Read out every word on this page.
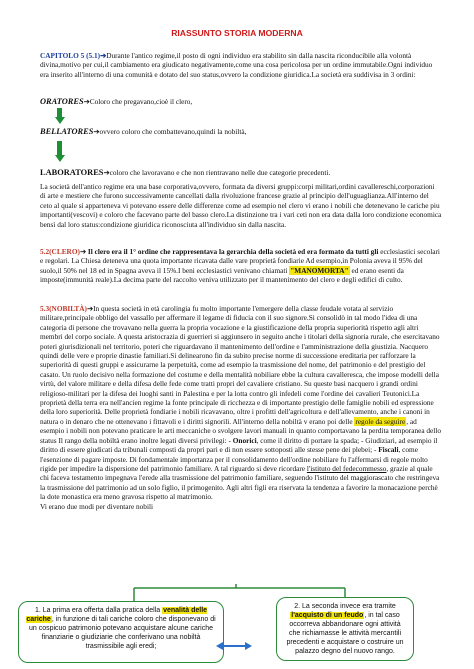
RIASSUNTO STORIA MODERNA

CAPITOLO 5 (5.1)➔Durante l'antico regime,il posto di ogni individuo era stabilito sin dalla nascita riconducibile alla volontà divina,motivo per cui,il cambiamento era giudicato negativamente,come una cosa pericolosa per un ordine immutabile.Ogni individuo era inserito all'interno di una comunità e dotato del suo status,ovvero la condizione giuridica.La società era suddivisa in 3 ordini:

ORATORES➔Coloro che pregavano,cioè il clero,

BELLATORES➔ovvero coloro che combattevano,quindi la nobiltà,

LABORATORES➔coloro che lavoravano e che non rientravano nelle due categorie precedenti.

La società dell'antico regime era una base corporativa,ovvero, formata da diversi gruppi:corpi militari,ordini cavallereschi,corporazioni di arte e mestiere che furono successivamente cancellati dalla rivoluzione francese grazie al principio dell'uguaglianza.All'interno del ceto al quale si apparteneva vi potevano essere delle differenze come ad esempio nel clero vi erano i nobili che detenevano le cariche piu importanti(vescovi) e coloro che facevano parte del basso clero.La distinzione tra i vari ceti non era data dalla loro condizione economica bensì dal loro status:condizione giuridica riconosciuta all'individuo sin dalla nascita.

5.2(CLERO)➔ Il clero era il 1° ordine che rappresentava la gerarchia della società ed era formato da tutti gli ecclesiastici secolari e regolari. La Chiesa deteneva una quota importante ricavata dalle vare proprietà fondiarie Ad esempio,in Polonia aveva il 95% del suolo,il 50% nel 18 ed in Spagna aveva il 15%.I beni ecclesiastici venivano chiamati "MANOMORTA" ed erano esenti da imposte(immunità reale).La decima parte del raccolto veniva utilizzato per il mantenimento del clero e degli edifici di culto.

5.3(NOBILTÀ)➔In questa società in età carolingia fu molto importante l'emergere della classe feudale votata al servizio militare,principale obbligo del vassallo per affermare il legame di fiducia con il suo signore.Si consolidò in tal modo l'idea di una categoria di persone che trovavano nella guerra la propria vocazione e la giustificazione della propria superiorità rispetto agli altri membri del corpo sociale. A questa aristocrazia di guerrieri si aggiunsero in seguito anche i titolari della signoria rurale, che esercitavano poteri giurisdizionali nel territorio, poteri che riguardavano il mantenimento dell'ordine e l'amministrazione della giustizia. Nacquero quindi delle vere e proprie dinastie familiari.Si delinearono fin da subito precise norme di successione ereditaria per rafforzare la superiorità di questi gruppi e assicurarne la perpetuità, come ad esempio la trasmissione del nome, del patrimonio e del prestigio del casato. Un ruolo decisivo nella formazione del costume e della mentalità nobiliare ebbe la cultura cavalleresca, che impose modelli della virtù, del valore militare e della difesa delle fede come tratti propri del cavaliere cristiano. Su queste basi nacquero i grandi ordini religioso-militari per la difesa dei luoghi santi in Palestina e per la lotta contro gli infedeli come l'ordine dei cavalieri Teutonici.La proprietà della terra era nell'ancien regime la fonte principale di ricchezza e di importante prestigio delle famiglie nobili ed espressione della loro superiorità. Delle proprietà fondiarie i nobili ricavavano, oltre i profitti dell'agricoltura e dell'allevamento, anche i canoni in natura o in denaro che ne ottenevano i fittavoli e i diritti signorili. All'interno della nobiltà v erano poi delle regole da seguire, ad esempio i nobili non potevano praticare le arti meccaniche o svolgere lavori manuali in quanto comportavano la perdita temporanea dello status Il rango della nobiltà erano inoltre legati diversi privilegi: - Onorici, come il diritto di portare la spada; - Giudiziari, ad esempio il diritto di essere giudicati da tribunali composti da propri pari e di non essere sottoposti alle stesse pene dei plebei; - Fiscali, come l'esenzione di pagare imposte. Di fondamentale importanza per il consolidamento dell'ordine nobiliare fu l'affermarsi di regole molto rigide per impedire la dispersione del patrimonio familiare. A tal riguardo si deve ricordare l'istituto del fedecommesso, grazie al quale chi faceva testamento impegnava l'erede alla trasmissione del patrimonio familiare, seguendo l'istituto del maggiorascato che restringeva la trasmissione del patrimonio ad un solo figlio, il primogenito. Agli altri figli era riservata la tendenza a favorire la monacazione perchè la dote monastica era meno gravosa rispetto al matrimonio.

Vi erano due modi per diventare nobili

1. La prima era offerta dalla pratica della venalità delle cariche, in funzione di tali cariche coloro che disponevano di un cospicuo patrimonio potevano acquistare alcune cariche finanziarie o giudiziarie che conferivano una nobiltà trasmissibile agli eredi;
2. La seconda invece era tramite l'acquisto di un feudo, in tal caso occorreva abbandonare ogni attività che richiamasse le attività mercantili precedenti e acquistare o costruire un palazzo degno del nuovo rango.
